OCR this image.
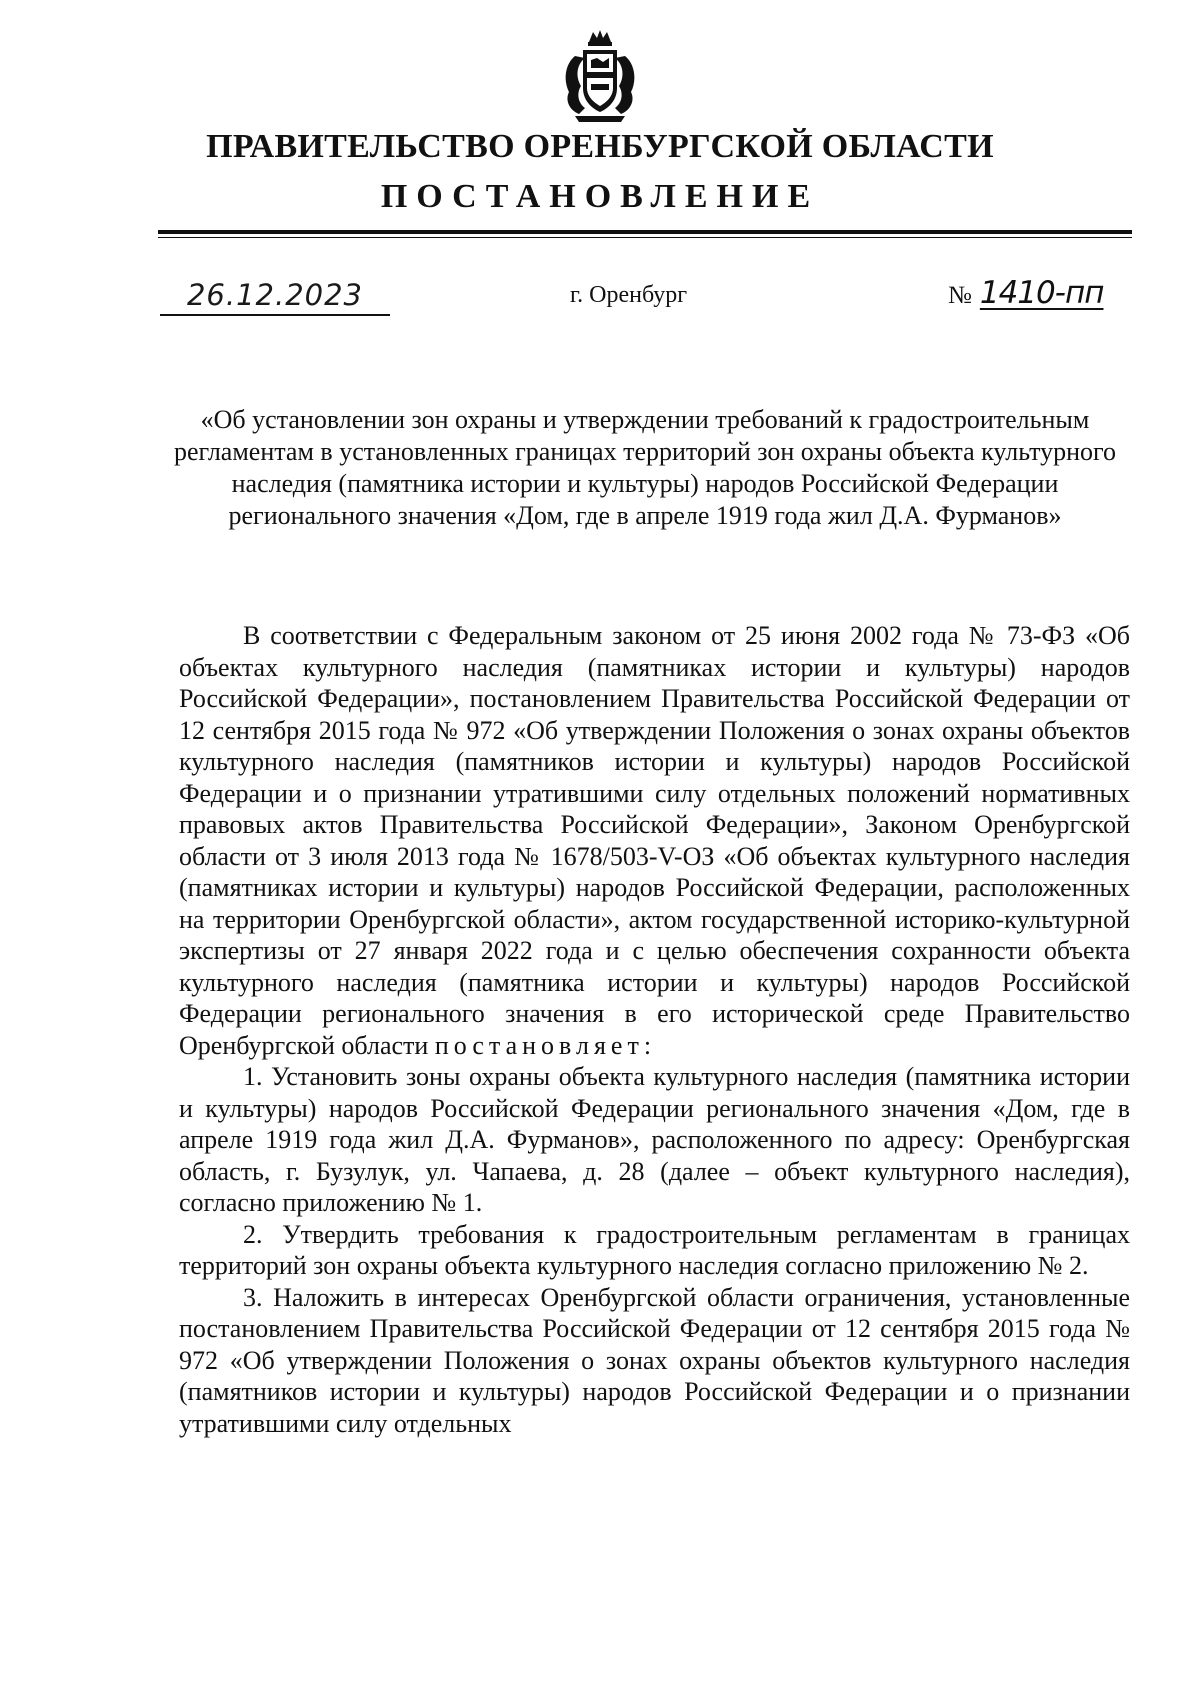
ПРАВИТЕЛЬСТВО ОРЕНБУРГСКОЙ ОБЛАСТИ
ПОСТАНОВЛЕНИЕ
26.12.2023	г. Оренбург	№ 1410-пп
«Об установлении зон охраны и утверждении требований к градостроительным регламентам в установленных границах территорий зон охраны объекта культурного наследия (памятника истории и культуры) народов Российской Федерации регионального значения «Дом, где в апреле 1919 года жил Д.А. Фурманов»

В соответствии с Федеральным законом от 25 июня 2002 года № 73-ФЗ «Об объектах культурного наследия (памятниках истории и культуры) народов Российской Федерации», постановлением Правительства Российской Федерации от 12 сентября 2015 года № 972 «Об утверждении Положения о зонах охраны объектов культурного наследия (памятников истории и культуры) народов Российской Федерации и о признании утратившими силу отдельных положений нормативных правовых актов Правительства Российской Федерации», Законом Оренбургской области от 3 июля 2013 года № 1678/503-V-ОЗ «Об объектах культурного наследия (памятниках истории и культуры) народов Российской Федерации, расположенных на территории Оренбургской области», актом государственной историко-культурной экспертизы от 27 января 2022 года и с целью обеспечения сохранности объекта культурного наследия (памятника истории и культуры) народов Российской Федерации регионального значения в его исторической среде Правительство Оренбургской области постановляет:

1. Установить зоны охраны объекта культурного наследия (памятника истории и культуры) народов Российской Федерации регионального значения «Дом, где в апреле 1919 года жил Д.А. Фурманов», расположенного по адресу: Оренбургская область, г. Бузулук, ул. Чапаева, д. 28 (далее – объект культурного наследия), согласно приложению № 1.

2. Утвердить требования к градостроительным регламентам в границах территорий зон охраны объекта культурного наследия согласно приложению № 2.

3. Наложить в интересах Оренбургской области ограничения, установленные постановлением Правительства Российской Федерации от 12 сентября 2015 года № 972 «Об утверждении Положения о зонах охраны объектов культурного наследия (памятников истории и культуры) народов Российской Федерации и о признании утратившими силу отдельных
